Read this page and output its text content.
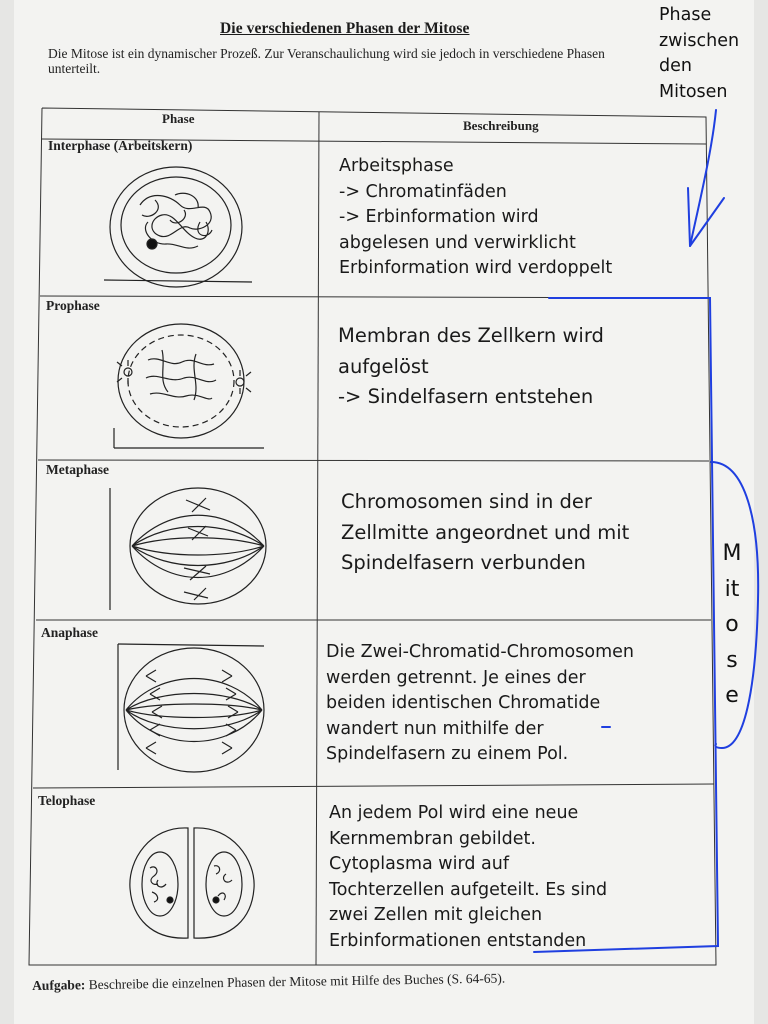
Die verschiedenen Phasen der Mitose
Die Mitose ist ein dynamischer Prozeß. Zur Veranschaulichung wird sie jedoch in verschiedene Phasen unterteilt.
Phase	Beschreibung
Interphase (Arbeitskern)
Prophase
Metaphase
Anaphase
Telophase
Arbeitsphase
-> Chromatinfäden
-> Erbinformation wird
abgelesen und verwirklicht
Erbinformation wird verdoppelt
Membran des Zellkern wird
aufgelöst
-> Sindelfasern entstehen
Chromosomen sind in der
Zellmitte angeordnet und mit
Spindelfasern verbunden
Die Zwei-Chromatid-Chromosomen
werden getrennt. Je eines der
beiden identischen Chromatide
wandert nun mithilfe der
Spindelfasern zu einem Pol.
An jedem Pol wird eine neue
Kernmembran gebildet.
Cytoplasma wird auf
Tochterzellen aufgeteilt. Es sind
zwei Zellen mit gleichen
Erbinformationen entstanden
Phase
zwischen
den
Mitosen
M
it
o
s
e
Aufgabe: Beschreibe die einzelnen Phasen der Mitose mit Hilfe des Buches (S. 64-65).
